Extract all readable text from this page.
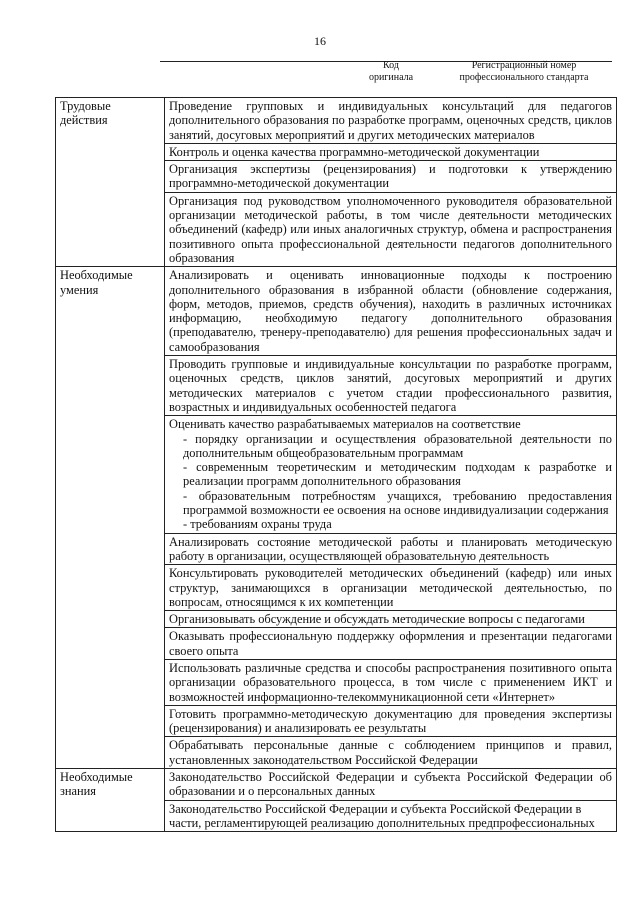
16
Код
оригинала
Регистрационный номер
профессионального стандарта
Трудовые
действия	Проведение групповых и индивидуальных консультаций для педагогов дополнительного образования по разработке программ, оценочных средств, циклов занятий, досуговых мероприятий и других методических материалов
	Контроль и оценка качества программно-методической документации
	Организация экспертизы (рецензирования) и подготовки к утверждению программно-методической документации
	Организация под руководством уполномоченного руководителя образовательной организации методической работы, в том числе деятельности методических объединений (кафедр) или иных аналогичных структур, обмена и распространения позитивного опыта профессиональной деятельности педагогов дополнительного образования
Необходимые
умения	Анализировать и оценивать инновационные подходы к построению дополнительного образования в избранной области (обновление содержания, форм, методов, приемов, средств обучения), находить в различных источниках информацию, необходимую педагогу дополнительного образования (преподавателю, тренеру-преподавателю) для решения профессиональных задач и самообразования
	Проводить групповые и индивидуальные консультации по разработке программ, оценочных средств, циклов занятий, досуговых мероприятий и других методических материалов с учетом стадии профессионального развития, возрастных и индивидуальных особенностей педагога

	Оценивать качество разрабатываемых материалов на соответствие
- порядку организации и осуществления образовательной деятельности по дополнительным общеобразовательным программам
- современным теоретическим и методическим подходам к разработке и реализации программ дополнительного образования
- образовательным потребностям учащихся, требованию предоставления программой возможности ее освоения на основе индивидуализации содержания
- требованиям охраны труда

	Анализировать состояние методической работы и планировать методическую работу в организации, осуществляющей образовательную деятельность
	Консультировать руководителей методических объединений (кафедр) или иных структур, занимающихся в организации методической деятельностью, по вопросам, относящимся к их компетенции
	Организовывать обсуждение и обсуждать методические вопросы с педагогами
	Оказывать профессиональную поддержку оформления и презентации педагогами своего опыта
	Использовать различные средства и способы распространения позитивного опыта организации образовательного процесса, в том числе с применением ИКТ и возможностей информационно-телекоммуникационной сети «Интернет»
	Готовить программно-методическую документацию для проведения экспертизы (рецензирования) и анализировать ее результаты
	Обрабатывать персональные данные с соблюдением принципов и правил, установленных законодательством Российской Федерации
Необходимые
знания	Законодательство Российской Федерации и субъекта Российской Федерации об образовании и о персональных данных
	Законодательство Российской Федерации и субъекта Российской Федерации в части, регламентирующей реализацию дополнительных предпрофессиональных
